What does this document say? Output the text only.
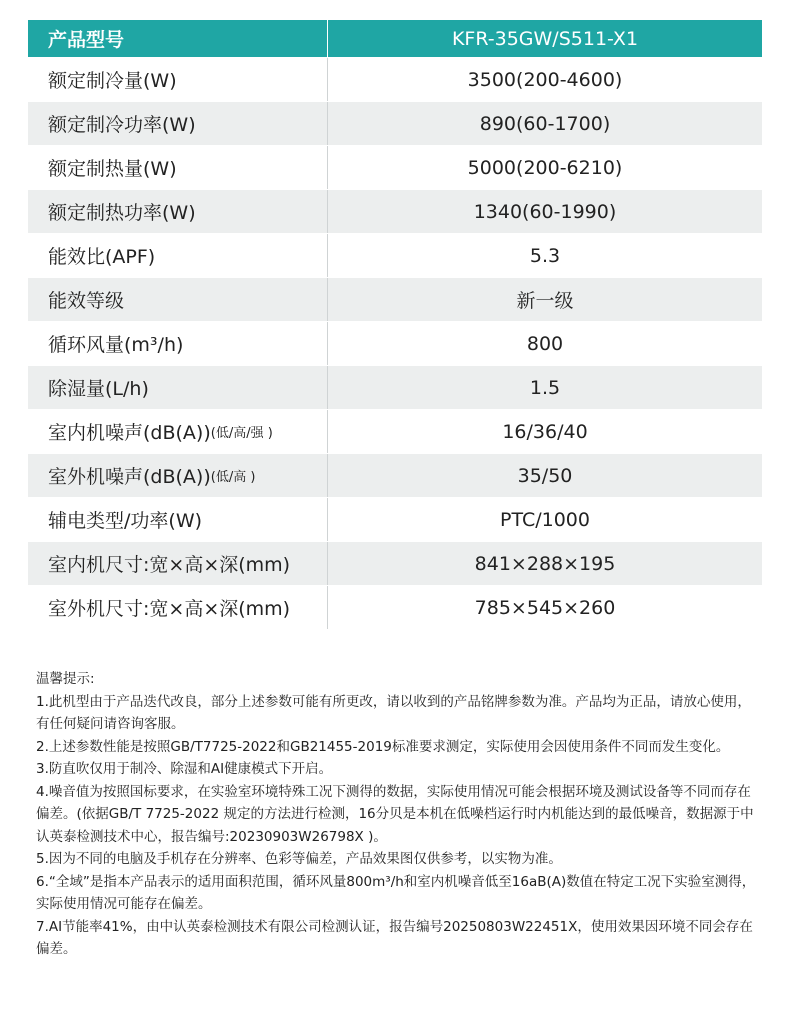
产品型号	KFR-35GW/S511-X1
额定制冷量(W)	3500(200-4600)
额定制冷功率(W)	890(60-1700)
额定制热量(W)	5000(200-6210)
额定制热功率(W)	1340(60-1990)
能效比(APF)	5.3
能效等级	新一级
循环风量(m³/h)	800
除湿量(L/h)	1.5
室内机噪声(dB(A)) (低/高/强 )	16/36/40
室外机噪声(dB(A)) (低/高 )	35/50
辅电类型/功率(W)	PTC/1000
室内机尺寸:宽×高×深(mm)	841×288×195
室外机尺寸:宽×高×深(mm)	785×545×260

温馨提示:

1.此机型由于产品迭代改良，部分上述参数可能有所更改，请以收到的产品铭牌参数为准。产品均为正品，请放心使用，有任何疑问请咨询客服。

2.上述参数性能是按照GB/T7725-2022和GB21455-2019标准要求测定，实际使用会因使用条件不同而发生变化。

3.防直吹仅用于制冷、除湿和AI健康模式下开启。

4.噪音值为按照国标要求，在实验室环境特殊工况下测得的数据，实际使用情况可能会根据环境及测试设备等不同而存在偏差。(依据GB/T 7725-2022 规定的方法进行检测，16分贝是本机在低噪档运行时内机能达到的最低噪音，数据源于中认英泰检测技术中心，报告编号:20230903W26798X )。

5.因为不同的电脑及手机存在分辨率、色彩等偏差，产品效果图仅供参考，以实物为准。

6.“全域”是指本产品表示的适用面积范围，循环风量800m³/h和室内机噪音低至16aB(A)数值在特定工况下实验室测得，实际使用情况可能存在偏差。

7.AI节能率41%，由中认英泰检测技术有限公司检测认证，报告编号20250803W22451X，使用效果因环境不同会存在偏差。
